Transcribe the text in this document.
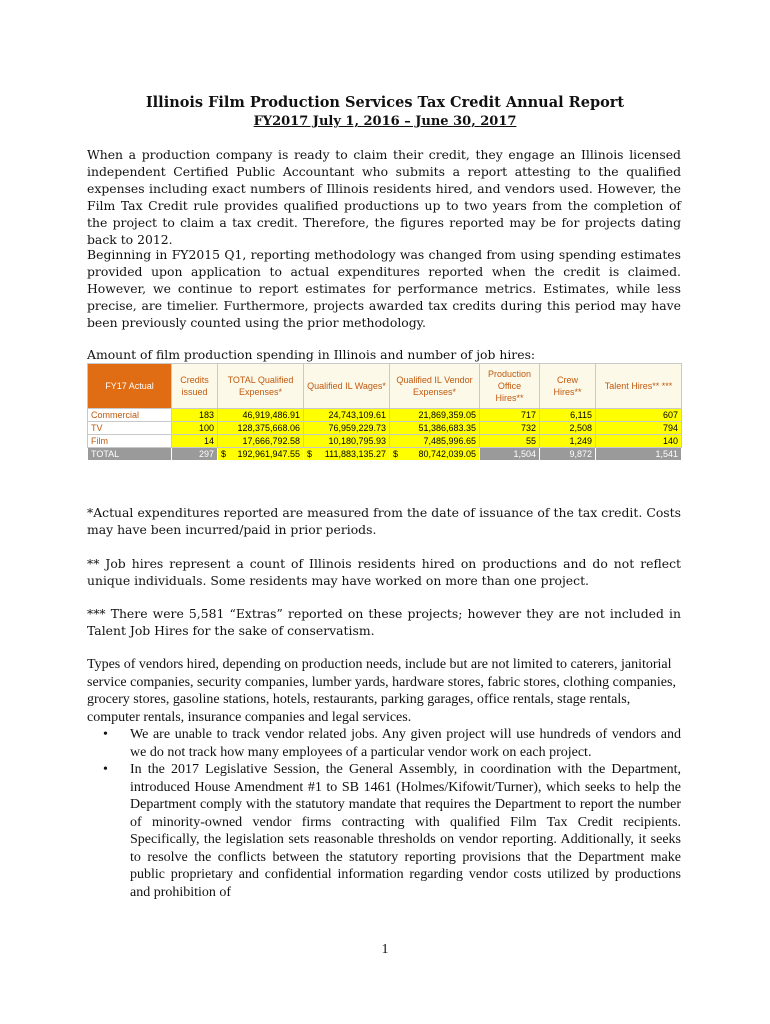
Illinois Film Production Services Tax Credit Annual Report
FY2017 July 1, 2016 – June 30, 2017

When a production company is ready to claim their credit, they engage an Illinois licensed independent Certified Public Accountant who submits a report attesting to the qualified expenses including exact numbers of Illinois residents hired, and vendors used. However, the Film Tax Credit rule provides qualified productions up to two years from the completion of the project to claim a tax credit. Therefore, the figures reported may be for projects dating back to 2012.

Beginning in FY2015 Q1, reporting methodology was changed from using spending estimates provided upon application to actual expenditures reported when the credit is claimed. However, we continue to report estimates for performance metrics. Estimates, while less precise, are timelier. Furthermore, projects awarded tax credits during this period may have been previously counted using the prior methodology.

Amount of film production spending in Illinois and number of job hires:

FY17 Actual	Credits issued	TOTAL Qualified Expenses*	Qualified IL Wages*	Qualified IL Vendor Expenses*	Production Office Hires**	Crew Hires**	Talent Hires** ***
Commercial	183	46,919,486.91	24,743,109.61	21,869,359.05	717	6,115	607
TV	100	128,375,668.06	76,959,229.73	51,386,683.35	732	2,508	794
Film	14	17,666,792.58	10,180,795.93	7,485,996.65	55	1,249	140
TOTAL	297	$ 192,961,947.55	$ 111,883,135.27	$ 80,742,039.05	1,504	9,872	1,541

*Actual expenditures reported are measured from the date of issuance of the tax credit. Costs may have been incurred/paid in prior periods.

** Job hires represent a count of Illinois residents hired on productions and do not reflect unique individuals. Some residents may have worked on more than one project.

*** There were 5,581 “Extras” reported on these projects; however they are not included in Talent Job Hires for the sake of conservatism.

Types of vendors hired, depending on production needs, include but are not limited to caterers, janitorial service companies, security companies, lumber yards, hardware stores, fabric stores, clothing companies, grocery stores, gasoline stations, hotels, restaurants, parking garages, office rentals, stage rentals, computer rentals, insurance companies and legal services.

• We are unable to track vendor related jobs. Any given project will use hundreds of vendors and we do not track how many employees of a particular vendor work on each project.
• In the 2017 Legislative Session, the General Assembly, in coordination with the Department, introduced House Amendment #1 to SB 1461 (Holmes/Kifowit/Turner), which seeks to help the Department comply with the statutory mandate that requires the Department to report the number of minority-owned vendor firms contracting with qualified Film Tax Credit recipients. Specifically, the legislation sets reasonable thresholds on vendor reporting. Additionally, it seeks to resolve the conflicts between the statutory reporting provisions that the Department make public proprietary and confidential information regarding vendor costs utilized by productions and prohibition of
1
